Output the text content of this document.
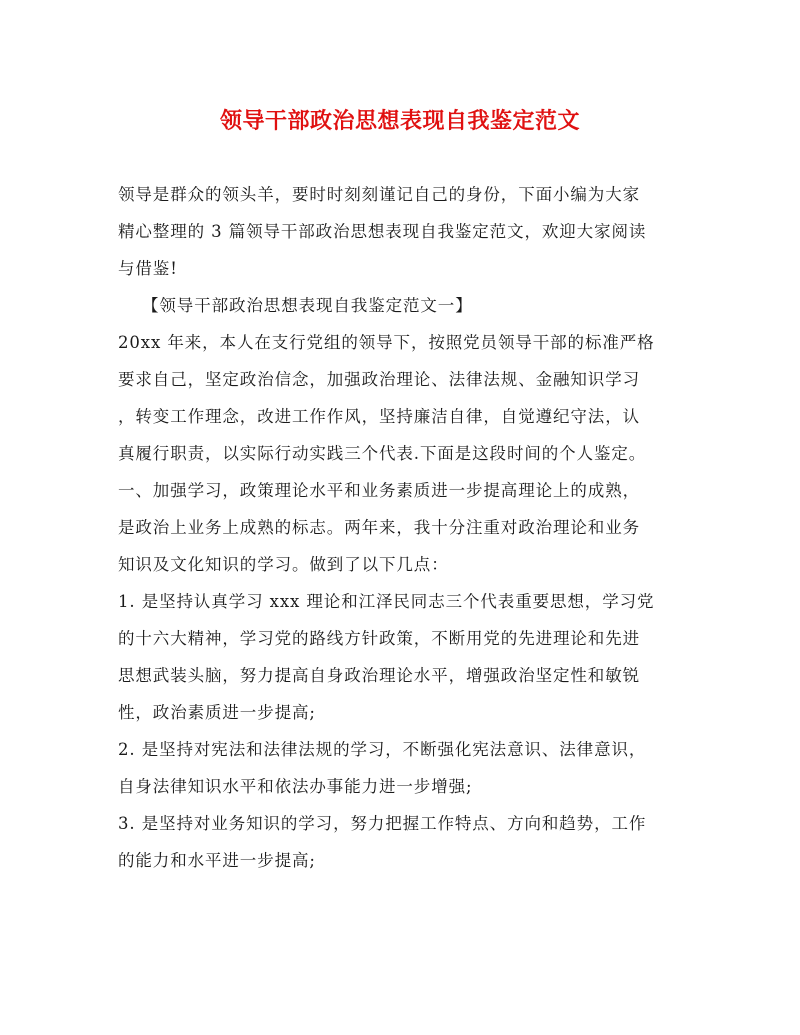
领导干部政治思想表现自我鉴定范文
领导是群众的领头羊，要时时刻刻谨记自己的身份，下面小编为大家
精心整理的 3 篇领导干部政治思想表现自我鉴定范文，欢迎大家阅读
与借鉴!
【领导干部政治思想表现自我鉴定范文一】
20xx 年来，本人在支行党组的领导下，按照党员领导干部的标准严格
要求自己，坚定政治信念，加强政治理论、法律法规、金融知识学习
，转变工作理念，改进工作作风，坚持廉洁自律，自觉遵纪守法，认
真履行职责，以实际行动实践三个代表.下面是这段时间的个人鉴定。
一、加强学习，政策理论水平和业务素质进一步提高理论上的成熟，
是政治上业务上成熟的标志。两年来，我十分注重对政治理论和业务
知识及文化知识的学习。做到了以下几点：
1. 是坚持认真学习 xxx 理论和江泽民同志三个代表重要思想，学习党
的十六大精神，学习党的路线方针政策，不断用党的先进理论和先进
思想武装头脑，努力提高自身政治理论水平，增强政治坚定性和敏锐
性，政治素质进一步提高;
2. 是坚持对宪法和法律法规的学习，不断强化宪法意识、法律意识，
自身法律知识水平和依法办事能力进一步增强;
3. 是坚持对业务知识的学习，努力把握工作特点、方向和趋势，工作
的能力和水平进一步提高;
